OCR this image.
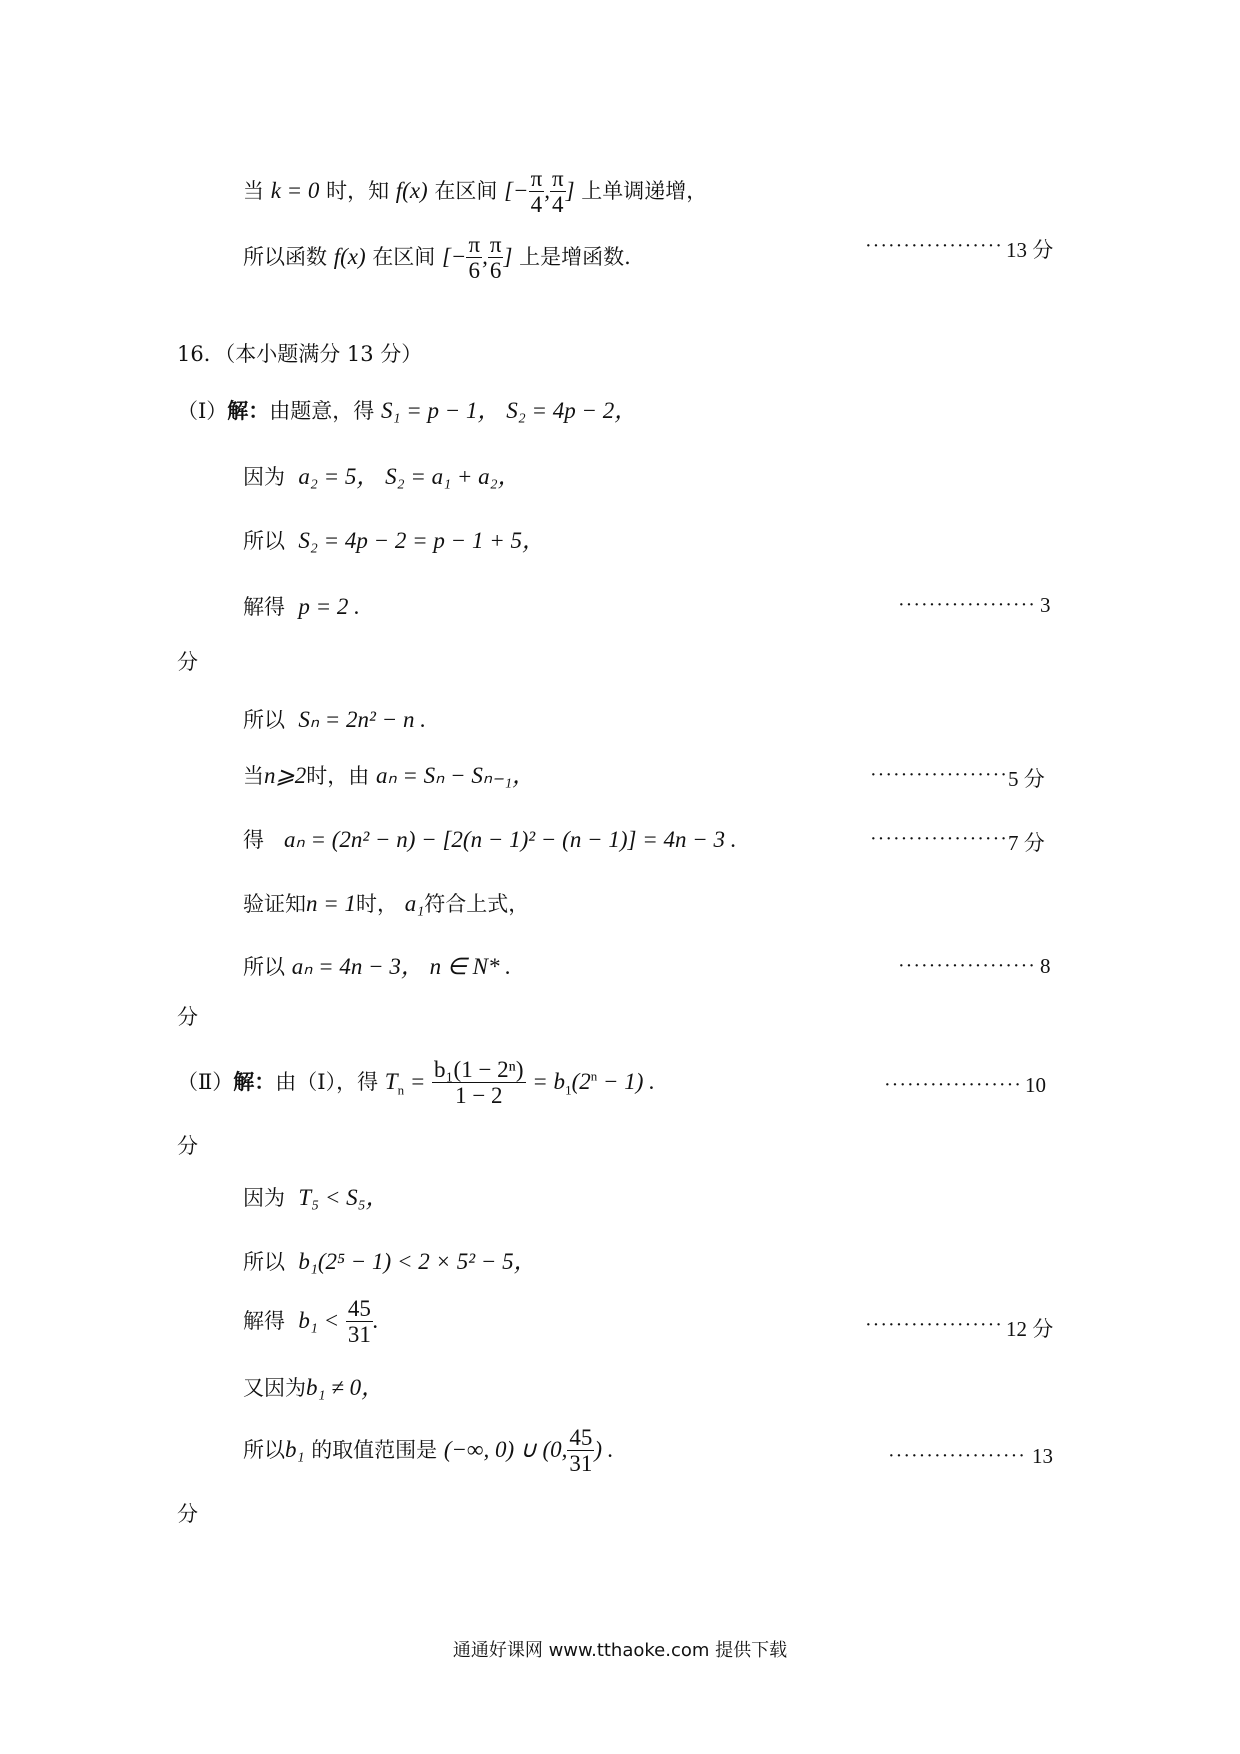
当 k = 0 时，知 f(x) 在区间 [− $\frac{\pi}{4}$ , $\frac{\pi}{4}$ ] 上单调递增，
所以函数 f(x) 在区间 [− $\frac{\pi}{6}$ , $\frac{\pi}{6}$ ] 上是增函数.	·················· 13 分
16．（本小题满分 13 分）
（Ⅰ）解：由题意，得 S₁ = p − 1， S₂ = 4p − 2，
因为 a₂ = 5， S₂ = a₁ + a₂，
所以 S₂ = 4p − 2 = p − 1 + 5，
解得 p = 2 .	·················· 3
分
所以 Sₙ = 2n² − n .
当n⩾2时，由 aₙ = Sₙ − Sₙ₋₁，	·················· 5 分
得 aₙ = (2n² − n) − [2(n − 1)² − (n − 1)] = 4n − 3 .	·················· 7 分
验证知n = 1时， a₁符合上式，
所以 aₙ = 4n − 3， n ∈ N* .	·················· 8
分
（Ⅱ）解：由（Ⅰ），得 $T_n = \frac{\text{b₁(1 − 2ⁿ)}}{1 - 2} = b_1(2^n - 1)$ .	·················· 10
分
因为 T₅ < S₅，
所以 b₁(2⁵ − 1) < 2 × 5² − 5，
解得 $b_1 < \frac{45}{31}$ .	·················· 12 分
又因为b₁ ≠ 0，
所以b₁ 的取值范围是 (−∞, 0) ∪ (0, $\frac{45}{31}$ ) .	·················· 13
分
通通好课网 www.tthaoke.com 提供下载
